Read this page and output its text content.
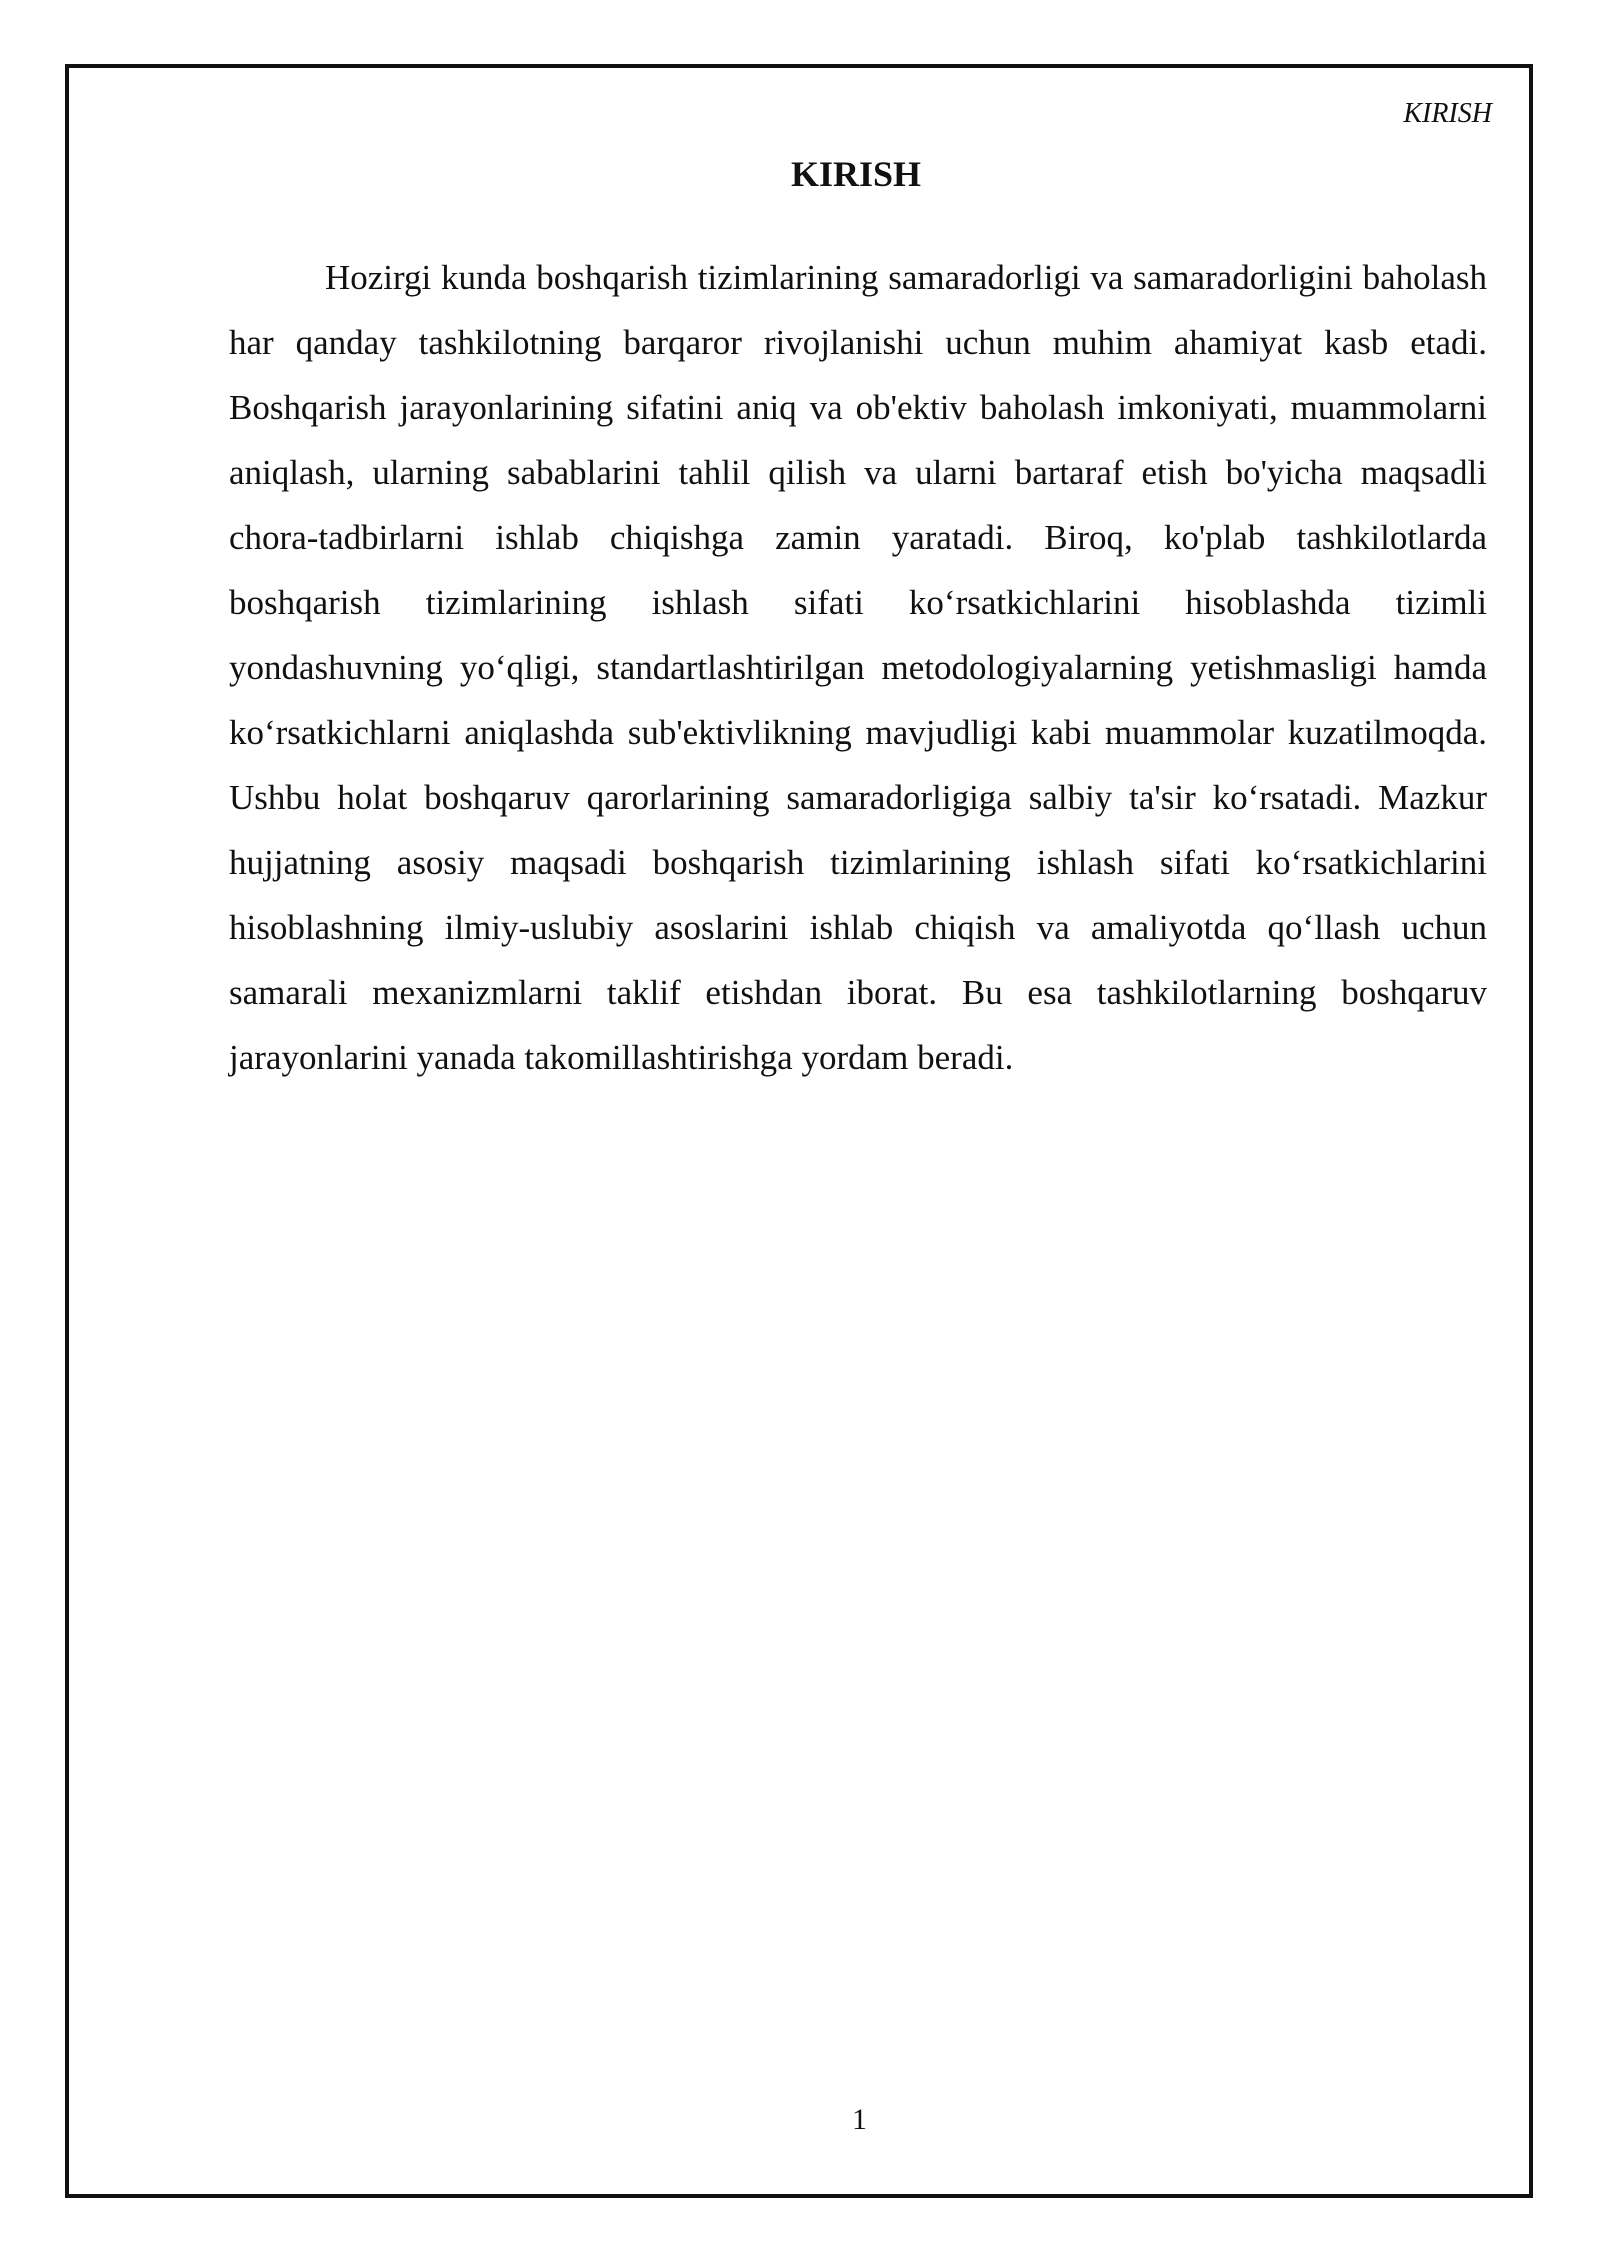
KIRISH
KIRISH

Hozirgi kunda boshqarish tizimlarining samaradorligi va samaradorligini baholash har qanday tashkilotning barqaror rivojlanishi uchun muhim ahamiyat kasb etadi. Boshqarish jarayonlarining sifatini aniq va ob'ektiv baholash imkoniyati, muammolarni aniqlash, ularning sabablarini tahlil qilish va ularni bartaraf etish bo'yicha maqsadli chora-tadbirlarni ishlab chiqishga zamin yaratadi. Biroq, ko'plab tashkilotlarda boshqarish tizimlarining ishlash sifati ko‘rsatkichlarini hisoblashda tizimli yondashuvning yo‘qligi, standartlashtirilgan metodologiyalarning yetishmasligi hamda ko‘rsatkichlarni aniqlashda sub'ektivlikning mavjudligi kabi muammolar kuzatilmoqda. Ushbu holat boshqaruv qarorlarining samaradorligiga salbiy ta'sir ko‘rsatadi. Mazkur hujjatning asosiy maqsadi boshqarish tizimlarining ishlash sifati ko‘rsatkichlarini hisoblashning ilmiy-uslubiy asoslarini ishlab chiqish va amaliyotda qo‘llash uchun samarali mexanizmlarni taklif etishdan iborat. Bu esa tashkilotlarning boshqaruv jarayonlarini yanada takomillashtirishga yordam beradi.

1
